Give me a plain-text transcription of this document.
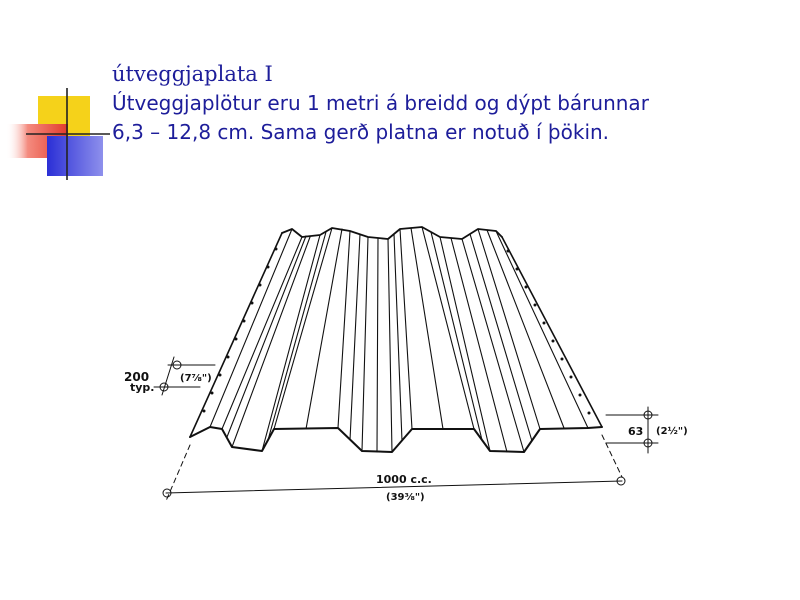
útveggjaplata I
Útveggjaplötur eru 1 metri á breidd og dýpt bárunnar
6,3 – 12,8 cm. Sama gerð platna er notuð í þökin.
200
typ.
(7⅞")
63 (2½")
1000 c.c.
(39⅜")
